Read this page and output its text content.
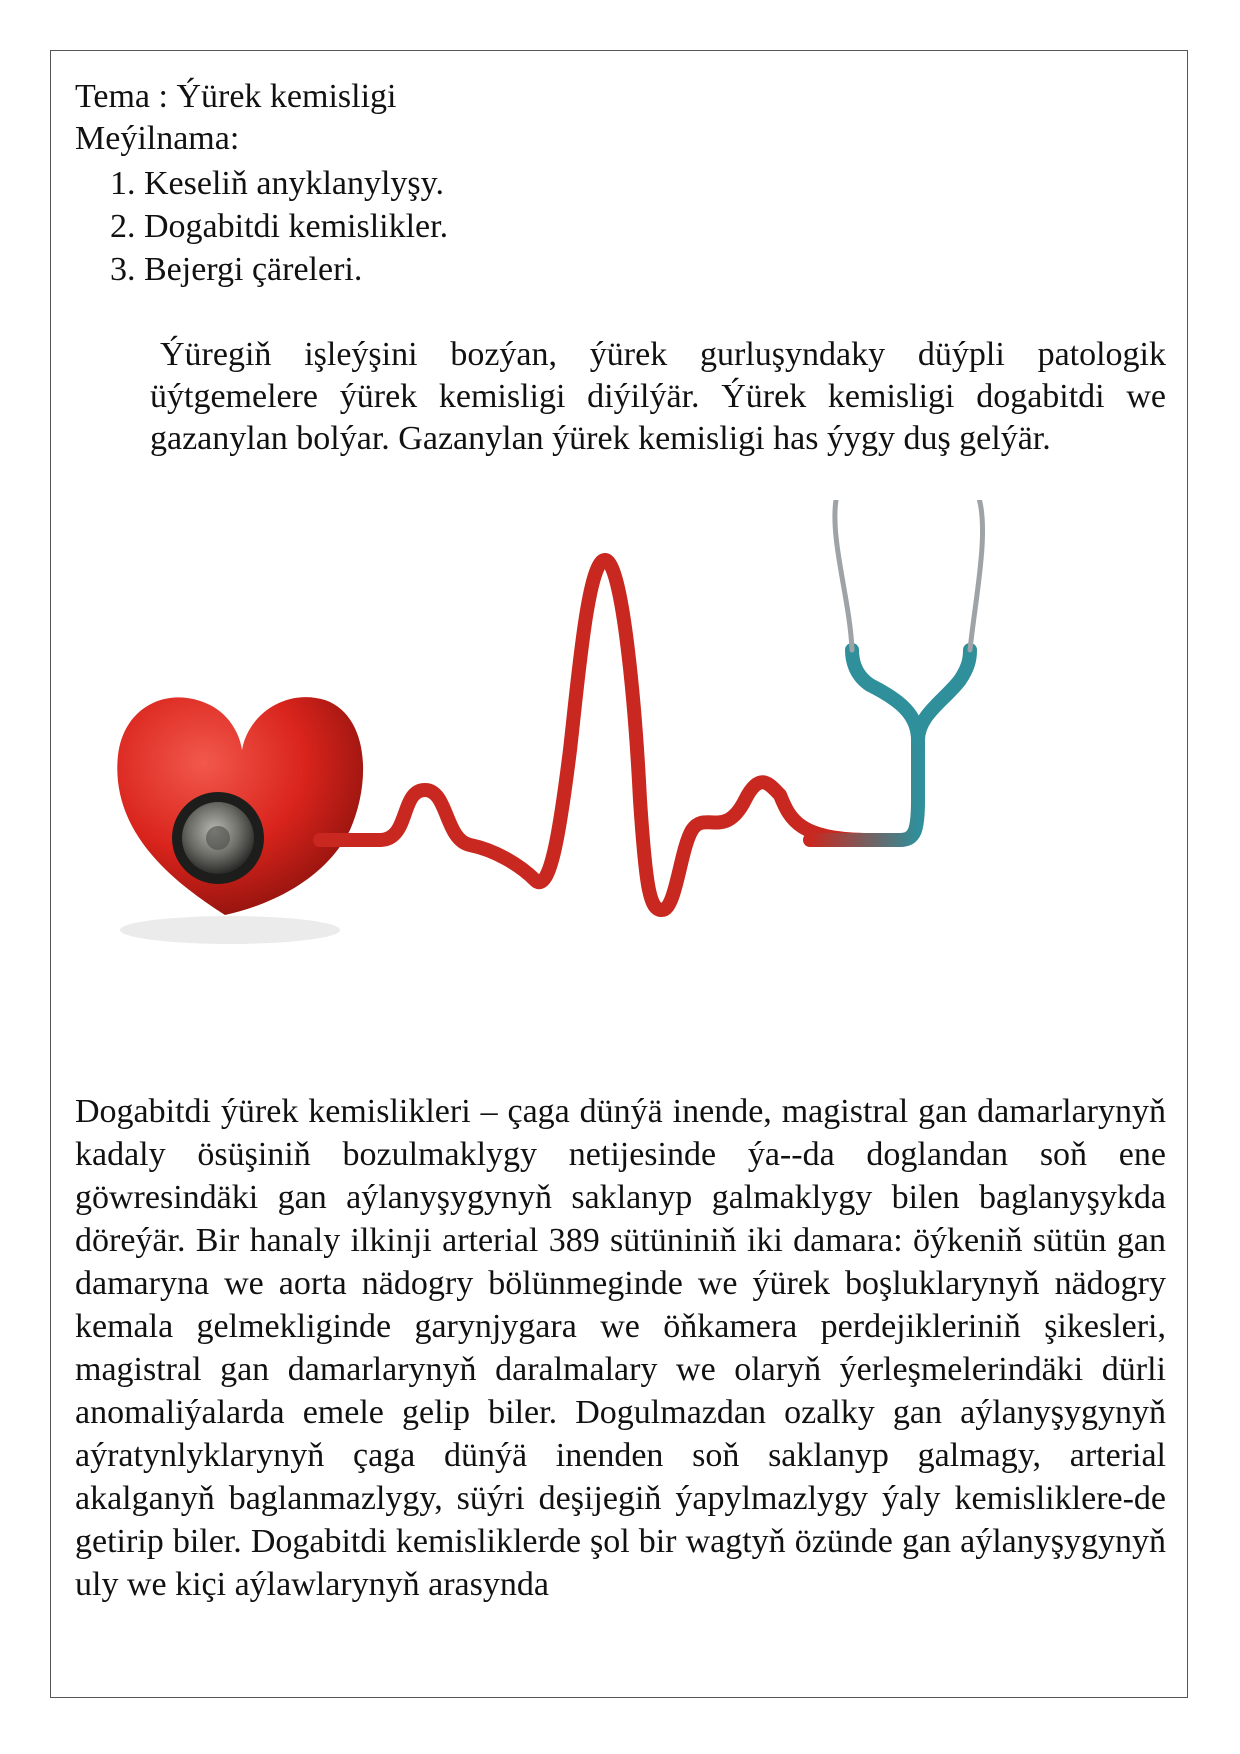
Tema : Ýürek kemisligi
Meýilnama:
1. Keseliň anyklanylyşy.
2. Dogabitdi kemislikler.
3. Bejergi çäreleri.

Ýüregiň işleýşini bozýan, ýürek gurluşyndaky düýpli patologik üýtgemelere ýürek kemisligi diýilýär. Ýürek kemisligi dogabitdi we gazanylan bolýar. Gazanylan ýürek kemisligi has ýygy duş gelýär.

Dogabitdi ýürek kemislikleri – çaga dünýä inende, magistral gan damarlarynyň kadaly ösüşiniň bozulmaklygy netijesinde ýa--da doglandan soň ene göwresindäki gan aýlanyşygynyň saklanyp galmaklygy bilen baglanyşykda döreýär. Bir hanaly ilkinji arterial 389 sütüniniň iki damara: öýkeniň sütün gan damaryna we aorta nädogry bölünmeginde we ýürek boşluklarynyň nädogry kemala gelmekliginde garynjygara we öňkamera perdejikleriniň şikesleri, magistral gan damarlarynyň daralmalary we olaryň ýerleşmelerindäki dürli anomaliýalarda emele gelip biler. Dogulmazdan ozalky gan aýlanyşygynyň aýratynlyklarynyň çaga dünýä inenden soň saklanyp galmagy, arterial akalganyň baglanmazlygy, süýri deşijegiň ýapylmazlygy ýaly kemisliklere-de getirip biler. Dogabitdi kemisliklerde şol bir wagtyň özünde gan aýlanyşygynyň uly we kiçi aýlawlarynyň arasynda
